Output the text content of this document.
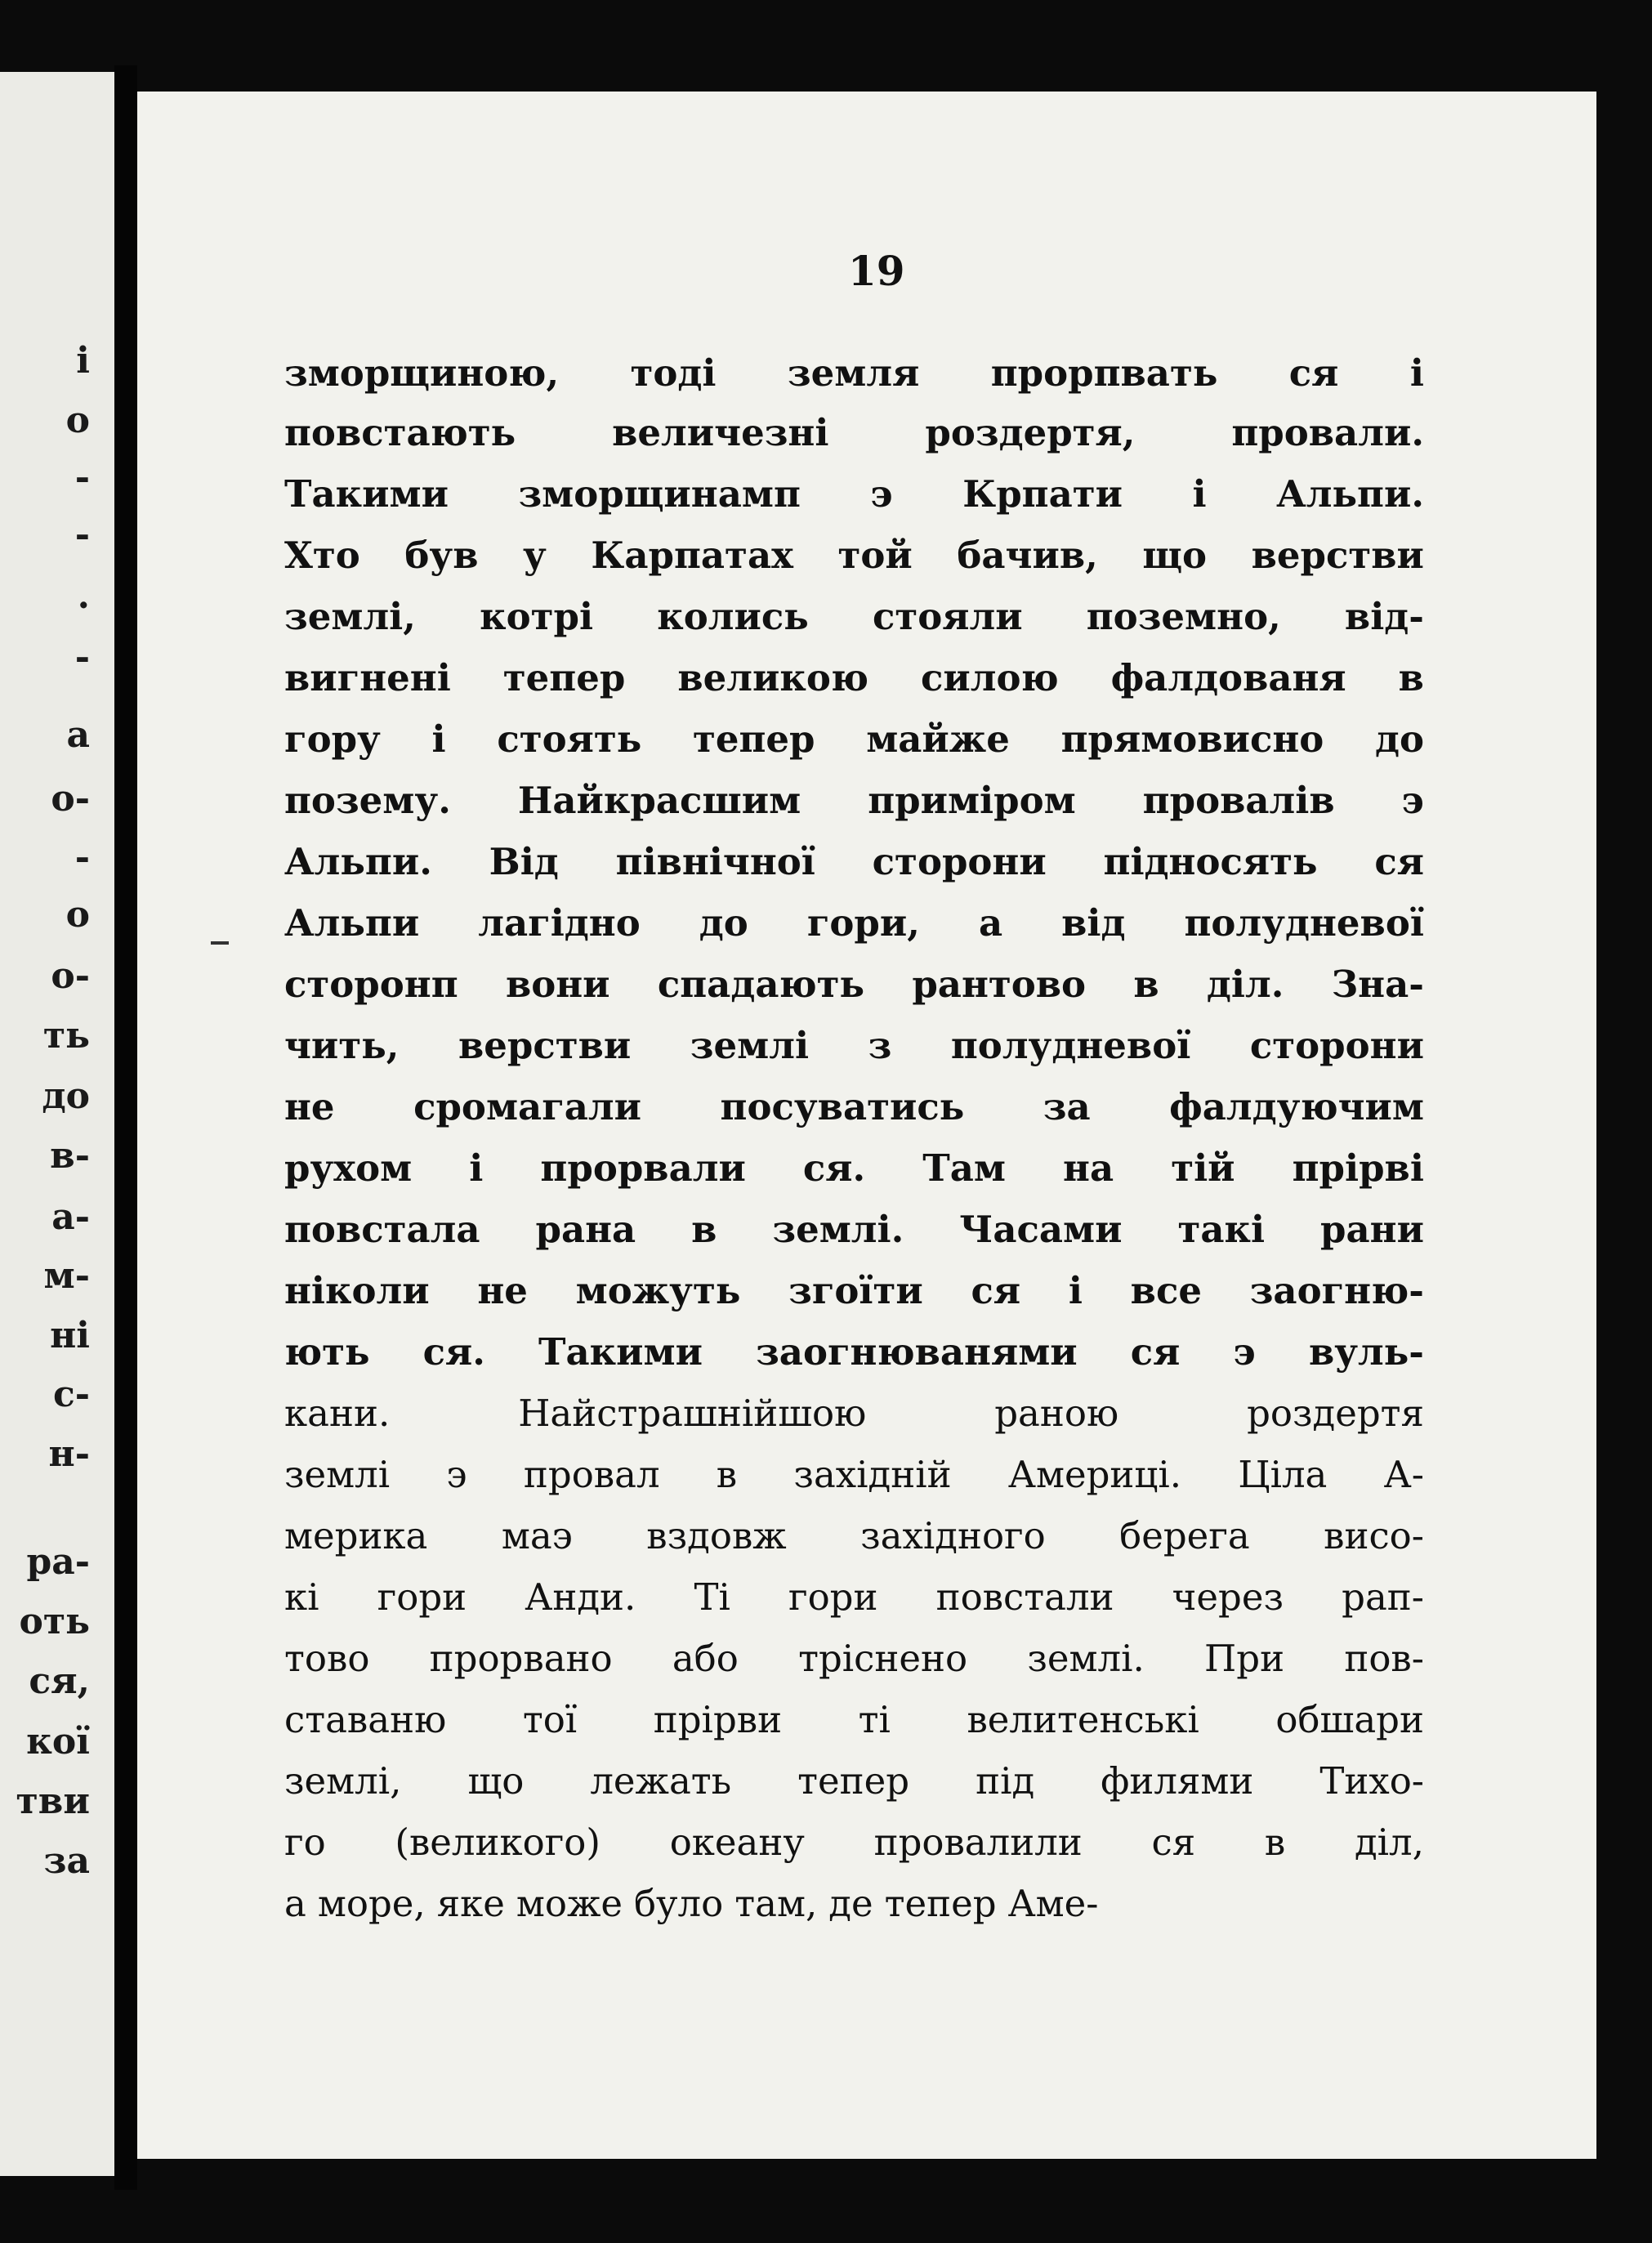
і
о
-
-
.
-
а
о-
-
о
о-
ть
до
в-
а-
м-
ні
с-
н-
ра-
оть
ся,
кої
тви
за
19
зморщиною, тоді земля прорпвать ся і
повстають	величезні	роздертя,	провали.
Такими зморщинамп э Крпати і Альпи.
Хто був у Карпатах той бачив, що верстви
землі, котрі колись стояли поземно, від-
вигнені тепер великою силою фалдованя в
гору і стоять тепер майже прямовисно до
позему. Найкрасшим приміром провалів э
Альпи. Від північної сторони підносять ся
Альпи лагідно до гори, а від полудневої
сторонп вони спадають рантово в діл. Зна-
чить, верстви землі з полудневої сторони
не сромагали посуватись за фалдуючим
рухом і прорвали ся. Там на тій прірві
повстала рана в землі. Часами такі рани
ніколи не можуть згоїти ся і все заогню-
ють ся. Такими заогнюванями ся э вуль-
кани.	Найстрашнійшою	раною	роздертя
землі э провал в західній Америці. Ціла А-
мерика маэ вздовж західного берега висо-
кі гори Анди. Ті гори повстали через рап-
тово прорвано або тріснено землі. При пов-
ставаню тої прірви ті велитенські обшари
землі, що лежать тепер під филями Тихо-
го (великого) океану провалили ся в діл,
а море, яке може було там, де тепер Аме-
